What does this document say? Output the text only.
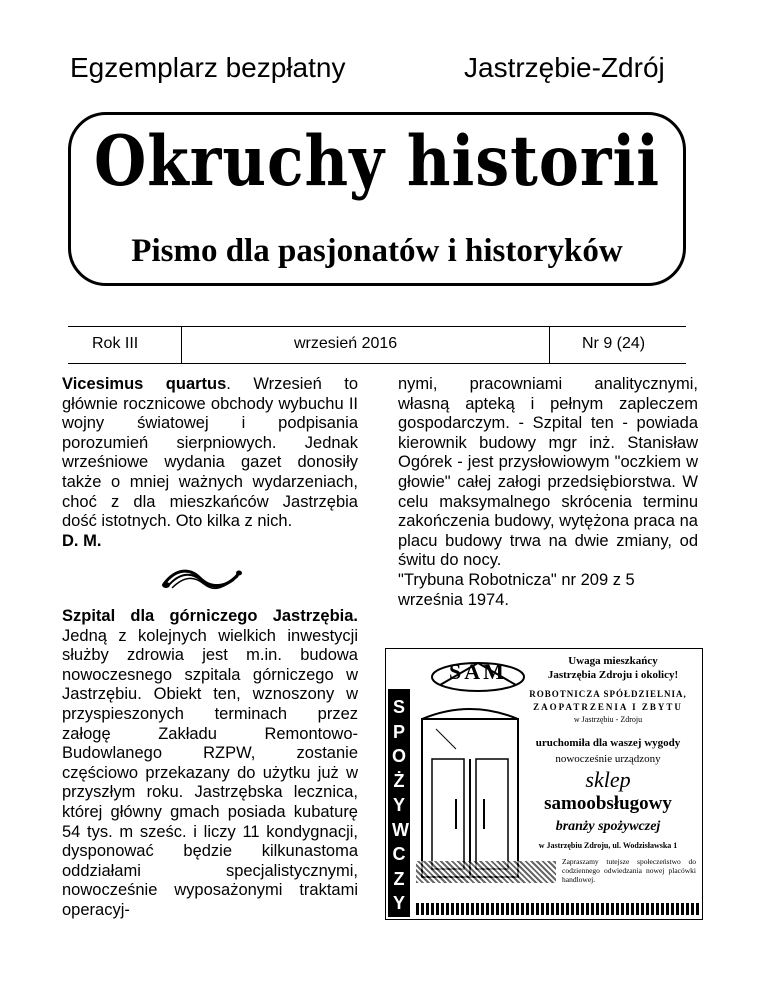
Egzemplarz bezpłatny	Jastrzębie-Zdrój
Okruchy historii
Pismo dla pasjonatów i historyków
Rok III	wrzesień 2016	Nr 9 (24)

Vicesimus quartus. Wrzesień to głównie rocznicowe obchody wybuchu II wojny światowej i podpisania porozumień sierpniowych. Jednak wrześniowe wydania gazet donosiły także o mniej ważnych wydarzeniach, choć z dla mieszkańców Jastrzębia dość istotnych. Oto kilka z nich.

D. M.

Szpital dla górniczego Jastrzębia. Jedną z kolejnych wielkich inwestycji służby zdrowia jest m.in. budowa nowoczesnego szpitala górniczego w Jastrzębiu. Obiekt ten, wznoszony w przyspieszonych terminach przez załogę Zakładu Remontowo-Budowlanego RZPW, zostanie częściowo przekazany do użytku już w przyszłym roku. Jastrzębska lecznica, której główny gmach posiada kubaturę 54 tys. m sześc. i liczy 11 kondygnacji, dysponować będzie kilkunastoma oddziałami specjalistycznymi, nowocześnie wyposażonymi traktami operacyj-

nymi, pracowniami analitycznymi, własną apteką i pełnym zapleczem gospodarczym. - Szpital ten - powiada kierownik budowy mgr inż. Stanisław Ogórek - jest przysłowiowym "oczkiem w głowie" całej załogi przedsiębiorstwa. W celu maksymalnego skrócenia terminu zakończenia budowy, wytężona praca na placu budowy trwa na dwie zmiany, od świtu do nocy.

"Trybuna Robotnicza" nr 209 z 5 września 1974.

SPOŻYWCZY
SAM	Uwaga mieszkańcy
Jastrzębia Zdroju i okolicy!
ROBOTNICZA SPÓŁDZIELNIA,
ZAOPATRZENIA I ZBYTU
w Jastrzębiu - Zdroju
uruchomiła dla waszej wygody
nowocześnie urządzony
sklep
samoobsługowy
branży spożywczej
w Jastrzębiu Zdroju, ul. Wodzisławska 1
Zapraszamy tutejsze społeczeństwo do codziennego odwiedzania nowej placówki handlowej.
